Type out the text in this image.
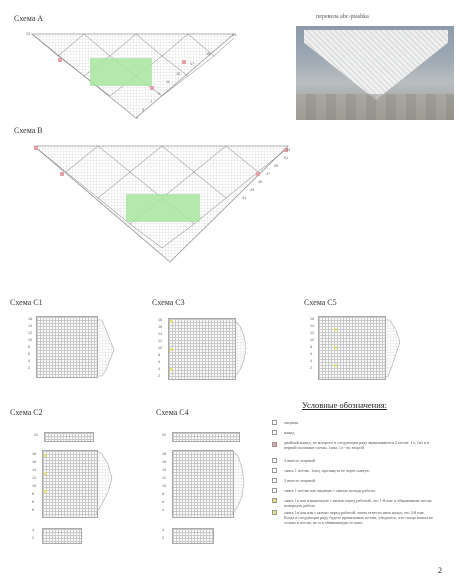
Схема А
23	23
19
17
15
11
9
7
3
1
перевела abc-ptashka
Схема В
53
51
49
47
45
43
41
Схема С1
16
14
12
10
8
6
4
2
Схема С3
18
16
14
12
10
8
6
4
2
Схема С5
16
14
12
10
8
6
4
2
Схема С2
22
18
16
14
12
10
8
6
6
4
2
Схема С4
20
18
16
14
12
10
8
6
4
4
2
Условные обозначения:
лицевая
накид
двойной накид, из которого в следующем ряду вывязываются 2 петли: 1л, 1из и в первой половине схемы, 1изн, 1л - во второй
2 вместе лицевой
снять 1 петлю, 1лиц, протянуть ее через снятую
3 вместе лицевой
снять 1 петлю как лицевую с нитью позади работы
снять 1п как изнаночную с нитью перед работой, это 1-й шаг к обкрыванию петли; повернуть работу
снять 1п как изн с нитью перед работой, затем отвести нить назад; это 2-й шаг. Когда в следующем ряду будете провязывать петлю, убедитесь, что спица вошла не только в петлю, но и в обвивающую ее нить
2
